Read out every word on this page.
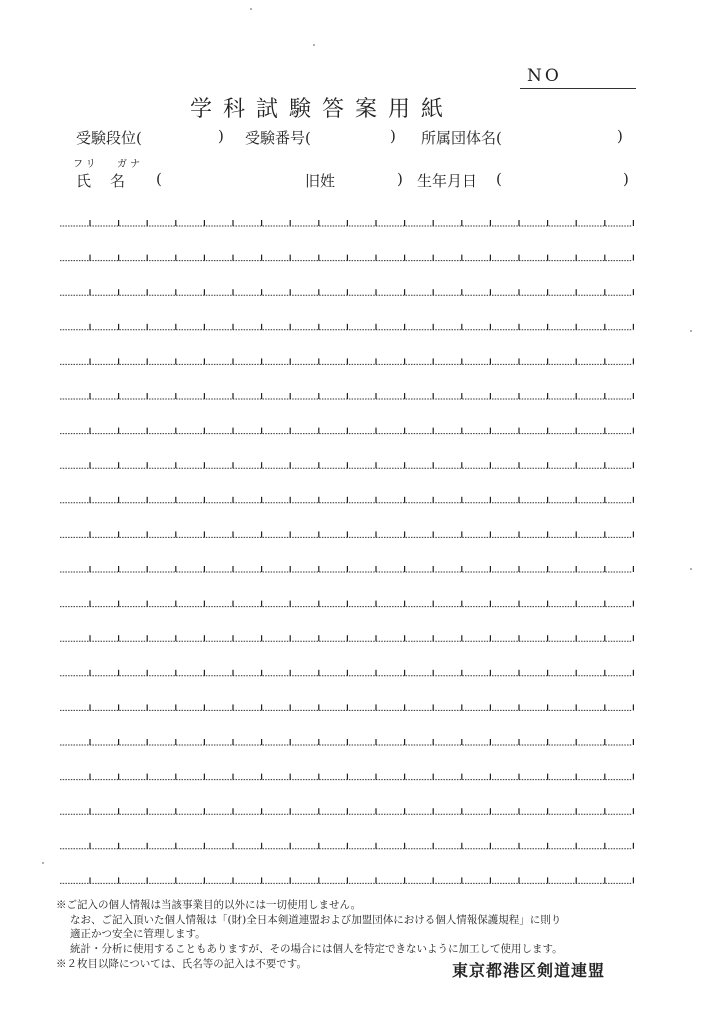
NO
学科試験答案用紙
受験段位(	) 受験番号(	) 所属団体名(	)
フリ ガナ
氏　名 (	旧姓	) 生年月日 (	)
※ご記入の個人情報は当該事業目的以外には一切使用しません。
なお、ご記入頂いた個人情報は「(財)全日本剣道連盟および加盟団体における個人情報保護規程」に則り
適正かつ安全に管理します。
統計・分析に使用することもありますが、その場合には個人を特定できないように加工して使用します。
※２枚目以降については、氏名等の記入は不要です。	東京都港区剣道連盟
